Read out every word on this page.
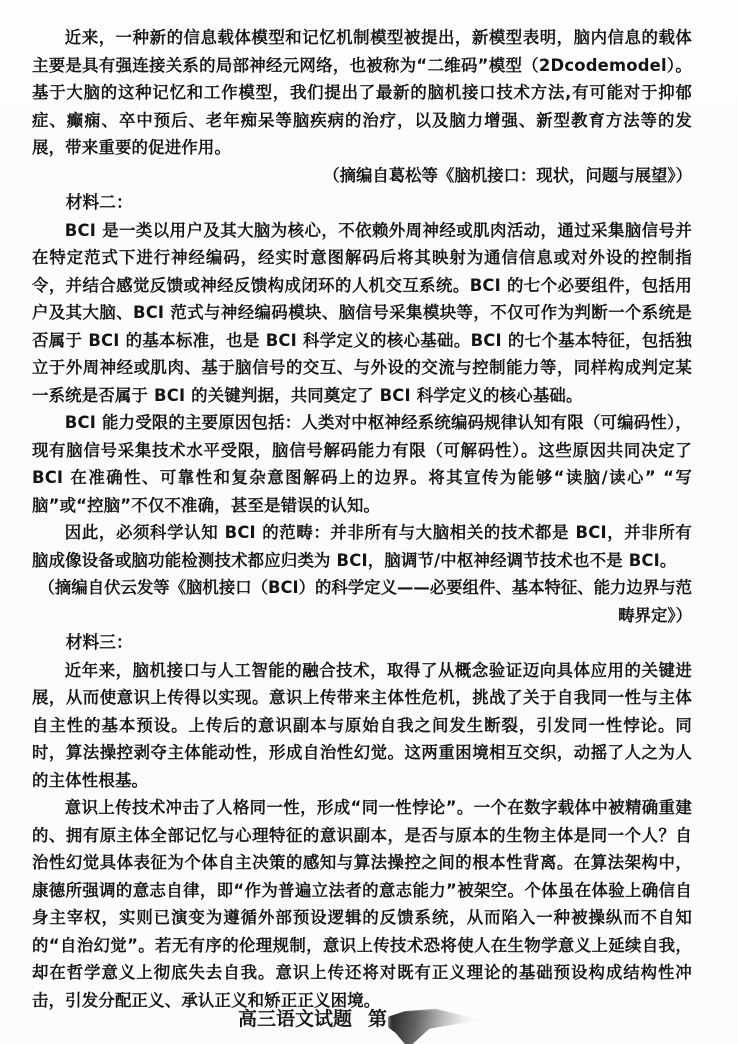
近来，一种新的信息载体模型和记忆机制模型被提出，新模型表明，脑内信息的载体主要是具有强连接关系的局部神经元网络，也被称为“二维码”模型（2Dcodemodel）。基于大脑的这种记忆和工作模型，我们提出了最新的脑机接口技术方法,有可能对于抑郁症、癫痫、卒中预后、老年痴呆等脑疾病的治疗，以及脑力增强、新型教育方法等的发展，带来重要的促进作用。

（摘编自葛松等《脑机接口：现状，问题与展望》）

材料二：

BCI 是一类以用户及其大脑为核心，不依赖外周神经或肌肉活动，通过采集脑信号并在特定范式下进行神经编码，经实时意图解码后将其映射为通信信息或对外设的控制指令，并结合感觉反馈或神经反馈构成闭环的人机交互系统。BCI 的七个必要组件，包括用户及其大脑、BCI 范式与神经编码模块、脑信号采集模块等，不仅可作为判断一个系统是否属于 BCI 的基本标准，也是 BCI 科学定义的核心基础。BCI 的七个基本特征，包括独立于外周神经或肌肉、基于脑信号的交互、与外设的交流与控制能力等，同样构成判定某一系统是否属于 BCI 的关键判据，共同奠定了 BCI 科学定义的核心基础。

BCI 能力受限的主要原因包括：人类对中枢神经系统编码规律认知有限（可编码性），现有脑信号采集技术水平受限，脑信号解码能力有限（可解码性）。这些原因共同决定了 BCI 在准确性、可靠性和复杂意图解码上的边界。将其宣传为能够“读脑/读心” “写脑”或“控脑”不仅不准确，甚至是错误的认知。

因此，必须科学认知 BCI 的范畴：并非所有与大脑相关的技术都是 BCI，并非所有脑成像设备或脑功能检测技术都应归类为 BCI，脑调节/中枢神经调节技术也不是 BCI。

（摘编自伏云发等《脑机接口（BCI）的科学定义——必要组件、基本特征、能力边界与范畴界定》）

材料三：

近年来，脑机接口与人工智能的融合技术，取得了从概念验证迈向具体应用的关键进展，从而使意识上传得以实现。意识上传带来主体性危机，挑战了关于自我同一性与主体自主性的基本预设。上传后的意识副本与原始自我之间发生断裂，引发同一性悖论。同时，算法操控剥夺主体能动性，形成自治性幻觉。这两重困境相互交织，动摇了人之为人的主体性根基。

意识上传技术冲击了人格同一性，形成“同一性悖论”。一个在数字载体中被精确重建的、拥有原主体全部记忆与心理特征的意识副本，是否与原本的生物主体是同一个人？自治性幻觉具体表征为个体自主决策的感知与算法操控之间的根本性背离。在算法架构中，康德所强调的意志自律，即“作为普遍立法者的意志能力”被架空。个体虽在体验上确信自身主宰权，实则已演变为遵循外部预设逻辑的反馈系统，从而陷入一种被操纵而不自知的“自治幻觉”。若无有序的伦理规制，意识上传技术恐将使人在生物学意义上延续自我，却在哲学意义上彻底失去自我。意识上传还将对既有正义理论的基础预设构成结构性冲击，引发分配正义、承认正义和矫正正义困境。

高三语文试题 第
